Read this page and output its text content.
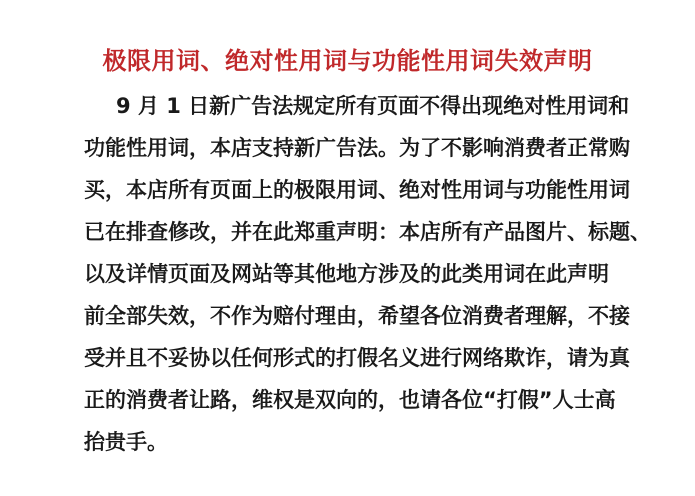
极限用词、绝对性用词与功能性用词失效声明
9 月 1 日新广告法规定所有页面不得出现绝对性用词和
功能性用词，本店支持新广告法。为了不影响消费者正常购
买，本店所有页面上的极限用词、绝对性用词与功能性用词
已在排查修改，并在此郑重声明：本店所有产品图片、标题、
以及详情页面及网站等其他地方涉及的此类用词在此声明
前全部失效，不作为赔付理由，希望各位消费者理解，不接
受并且不妥协以任何形式的打假名义进行网络欺诈，请为真
正的消费者让路，维权是双向的，也请各位“打假”人士高
抬贵手。
